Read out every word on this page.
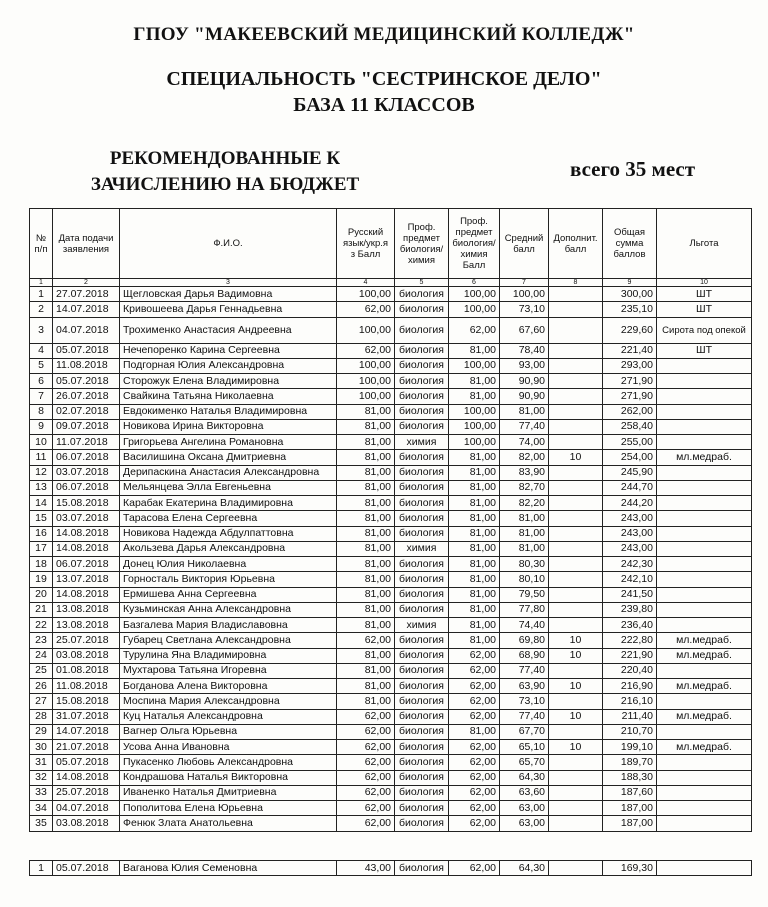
ГПОУ "МАКЕЕВСКИЙ МЕДИЦИНСКИЙ КОЛЛЕДЖ"
СПЕЦИАЛЬНОСТЬ "СЕСТРИНСКОЕ ДЕЛО"
БАЗА 11 КЛАССОВ
РЕКОМЕНДОВАННЫЕ К
ЗАЧИСЛЕНИЮ НА БЮДЖЕТ
всего 35 мест
№ п/п	Дата подачи заявления	Ф.И.О.	Русский язык/укр.я з Балл	Проф. предмет биология/ химия	Проф. предмет биология/ химия Балл	Средний балл	Дополнит. балл	Общая сумма баллов	Льгота
1	2	3	4	5	6	7	8	9	10
1	27.07.2018	Щегловская Дарья Вадимовна	100,00	биология	100,00	100,00		300,00	ШТ
2	14.07.2018	Кривошеева Дарья Геннадьевна	62,00	биология	100,00	73,10		235,10	ШТ
3	04.07.2018	Трохименко Анастасия Андреевна	100,00	биология	62,00	67,60		229,60	Сирота под опекой
4	05.07.2018	Нечепоренко Карина Сергеевна	62,00	биология	81,00	78,40		221,40	ШТ
5	11.08.2018	Подгорная Юлия Александровна	100,00	биология	100,00	93,00		293,00	
6	05.07.2018	Сторожук Елена Владимировна	100,00	биология	81,00	90,90		271,90	
7	26.07.2018	Свайкина Татьяна Николаевна	100,00	биология	81,00	90,90		271,90	
8	02.07.2018	Евдокименко Наталья Владимировна	81,00	биология	100,00	81,00		262,00	
9	09.07.2018	Новикова Ирина Викторовна	81,00	биология	100,00	77,40		258,40	
10	11.07.2018	Григорьева Ангелина Романовна	81,00	химия	100,00	74,00		255,00	
11	06.07.2018	Василишина Оксана Дмитриевна	81,00	биология	81,00	82,00	10	254,00	мл.медраб.
12	03.07.2018	Дерипаскина Анастасия Александровна	81,00	биология	81,00	83,90		245,90	
13	06.07.2018	Мельянцева Элла Евгеньевна	81,00	биология	81,00	82,70		244,70	
14	15.08.2018	Карабак Екатерина Владимировна	81,00	биология	81,00	82,20		244,20	
15	03.07.2018	Тарасова Елена Сергеевна	81,00	биология	81,00	81,00		243,00	
16	14.08.2018	Новикова Надежда Абдулпаттовна	81,00	биология	81,00	81,00		243,00	
17	14.08.2018	Акользева Дарья Александровна	81,00	химия	81,00	81,00		243,00	
18	06.07.2018	Донец Юлия Николаевна	81,00	биология	81,00	80,30		242,30	
19	13.07.2018	Горносталь Виктория Юрьевна	81,00	биология	81,00	80,10		242,10	
20	14.08.2018	Ермишева Анна Сергеевна	81,00	биология	81,00	79,50		241,50	
21	13.08.2018	Кузьминская Анна Александровна	81,00	биология	81,00	77,80		239,80	
22	13.08.2018	Базгалева Мария Владиславовна	81,00	химия	81,00	74,40		236,40	
23	25.07.2018	Губарец Светлана Александровна	62,00	биология	81,00	69,80	10	222,80	мл.медраб.
24	03.08.2018	Турулина Яна Владимировна	81,00	биология	62,00	68,90	10	221,90	мл.медраб.
25	01.08.2018	Мухтарова Татьяна Игоревна	81,00	биология	62,00	77,40		220,40	
26	11.08.2018	Богданова Алена Викторовна	81,00	биология	62,00	63,90	10	216,90	мл.медраб.
27	15.08.2018	Моспина Мария Александровна	81,00	биология	62,00	73,10		216,10	
28	31.07.2018	Куц Наталья Александровна	62,00	биология	62,00	77,40	10	211,40	мл.медраб.
29	14.07.2018	Вагнер Ольга Юрьевна	62,00	биология	81,00	67,70		210,70	
30	21.07.2018	Усова Анна Ивановна	62,00	биология	62,00	65,10	10	199,10	мл.медраб.
31	05.07.2018	Пукасенко Любовь Александровна	62,00	биология	62,00	65,70		189,70	
32	14.08.2018	Кондрашова Наталья Викторовна	62,00	биология	62,00	64,30		188,30	
33	25.07.2018	Иваненко Наталья Дмитриевна	62,00	биология	62,00	63,60		187,60	
34	04.07.2018	Пополитова Елена Юрьевна	62,00	биология	62,00	63,00		187,00	
35	03.08.2018	Фенюк Злата Анатольевна	62,00	биология	62,00	63,00		187,00	
1	05.07.2018	Ваганова Юлия Семеновна	43,00	биология	62,00	64,30		169,30	
